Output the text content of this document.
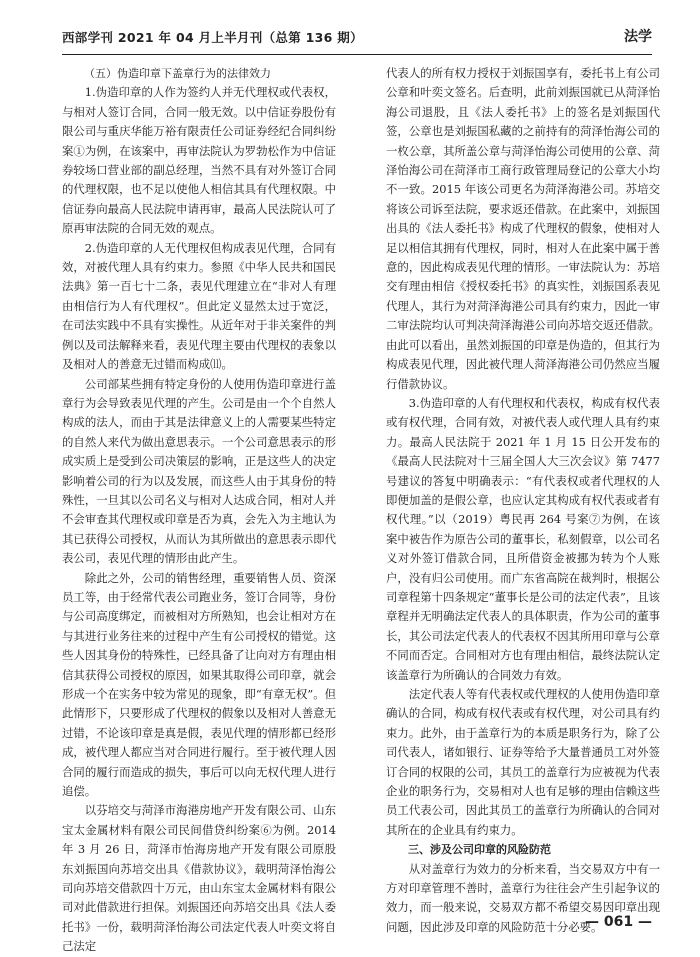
西部学刊 2021 年 04 月上半月刊（总第 136 期）	法学

（五）伪造印章下盖章行为的法律效力

1.伪造印章的人作为签约人并无代理权或代表权，与相对人签订合同，合同一般无效。以中信证券股份有限公司与重庆华能万裕有限责任公司证券经纪合同纠纷案①为例，在该案中，再审法院认为罗勃松作为中信证券较场口营业部的副总经理，当然不具有对外签订合同的代理权限，也不足以使他人相信其具有代理权限。中信证券向最高人民法院申请再审，最高人民法院认可了原再审法院的合同无效的观点。

2.伪造印章的人无代理权但构成表见代理，合同有效，对被代理人具有约束力。参照《中华人民共和国民法典》第一百七十二条，表见代理建立在“非对人有理由相信行为人有代理权”。但此定义显然太过于宽泛，在司法实践中不具有实操性。从近年对于非关案件的判例以及司法解释来看，表见代理主要由代理权的表象以及相对人的善意无过错而构成⑾。

公司部某些拥有特定身份的人使用伪造印章进行盖章行为会导致表见代理的产生。公司是由一个个自然人构成的法人，而由于其是法律意义上的人需要某些特定的自然人来代为做出意思表示。一个公司意思表示的形成实质上是受到公司决策层的影响，正是这些人的决定影响着公司的行为以及发展，而这些人由于其身份的特殊性，一旦其以公司名义与相对人达成合同，相对人并不会审查其代理权或印章是否为真，会先入为主地认为其已获得公司授权，从而认为其所做出的意思表示即代表公司，表见代理的情形由此产生。

除此之外，公司的销售经理，重要销售人员、资深员工等，由于经常代表公司跑业务，签订合同等，身份与公司高度绑定，而被相对方所熟知，也会让相对方在与其进行业务往来的过程中产生有公司授权的错觉。这些人因其身份的特殊性，已经具备了让向对方有理由相信其获得公司授权的原因，如果其取得公司印章，就会形成一个在实务中较为常见的现象，即“有章无权”。但此情形下，只要形成了代理权的假象以及相对人善意无过错，不论该印章是真是假，表见代理的情形都已经形成，被代理人都应当对合同进行履行。至于被代理人因合同的履行而造成的损失，事后可以向无权代理人进行追偿。

以芬培交与菏泽市海港房地产开发有限公司、山东宝太金属材料有限公司民间借贷纠纷案⑥为例。2014 年 3 月 26 日，菏泽市怡海房地产开发有限公司原股东刘振国向苏培交出具《借款协议》，载明菏泽怡海公司向苏培交借款四十万元，由山东宝太金属材料有限公司对此借款进行担保。刘振国还向苏培交出具《法人委托书》一份，载明菏泽怡海公司法定代表人叶奕文将自己法定

代表人的所有权力授权于刘振国享有，委托书上有公司公章和叶奕文签名。后查明，此前刘振国就已从菏泽怡海公司退股，且《法人委托书》上的签名是刘振国代签，公章也是刘振国私藏的之前持有的菏泽怡海公司的一枚公章，其所盖公章与菏泽怡海公司使用的公章、菏泽怡海公司在菏泽市工商行政管理局登记的公章大小均不一致。2015 年该公司更名为菏泽海港公司。苏培交将该公司诉至法院，要求返还借款。在此案中，刘振国出具的《法人委托书》构成了代理权的假象，使相对人足以相信其拥有代理权，同时，相对人在此案中属于善意的，因此构成表见代理的情形。一审法院认为：苏培交有理由相信《授权委托书》的真实性，刘振国系表见代理人，其行为对菏泽海港公司具有约束力，因此一审二审法院均认可判决菏泽海港公司向苏培交返还借款。由此可以看出，虽然刘振国的印章是伪造的，但其行为构成表见代理，因此被代理人菏泽海港公司仍然应当履行借款协议。

3.伪造印章的人有代理权和代表权，构成有权代表或有权代理，合同有效，对被代表人或代理人具有约束力。最高人民法院于 2021 年 1 月 15 日公开发布的《最高人民法院对十三届全国人大三次会议》第 7477 号建议的答复中明确表示：“有代表权或者代理权的人即便加盖的是假公章，也应认定其构成有权代表或者有权代理。”以（2019）粤民再 264 号案⑦为例，在该案中被告作为原告公司的董事长，私刻假章，以公司名义对外签订借款合同，且所借资金被挪为转为个人账户，没有归公司使用。而广东省高院在裁判时，根据公司章程第十四条规定“董事长是公司的法定代表”，且该章程并无明确法定代表人的具体职责，作为公司的董事长，其公司法定代表人的代表权不因其所用印章与公章不同而否定。合同相对方也有理由相信，最终法院认定该盖章行为所确认的合同效力有效。

法定代表人等有代表权或代理权的人使用伪造印章确认的合同，构成有权代表或有权代理，对公司具有约束力。此外，由于盖章行为的本质是职务行为，除了公司代表人，诸如银行、证券等给予大量普通员工对外签订合同的权限的公司，其员工的盖章行为应被视为代表企业的职务行为，交易相对人也有足够的理由信赖这些员工代表公司，因此其员工的盖章行为所确认的合同对其所在的企业具有约束力。

三、涉及公司印章的风险防范

从对盖章行为效力的分析来看，当交易双方中有一方对印章管理不善时，盖章行为往往会产生引起争议的效力，而一般来说，交易双方都不希望交易因印章出现问题，因此涉及印章的风险防范十分必要。

— 061 —
